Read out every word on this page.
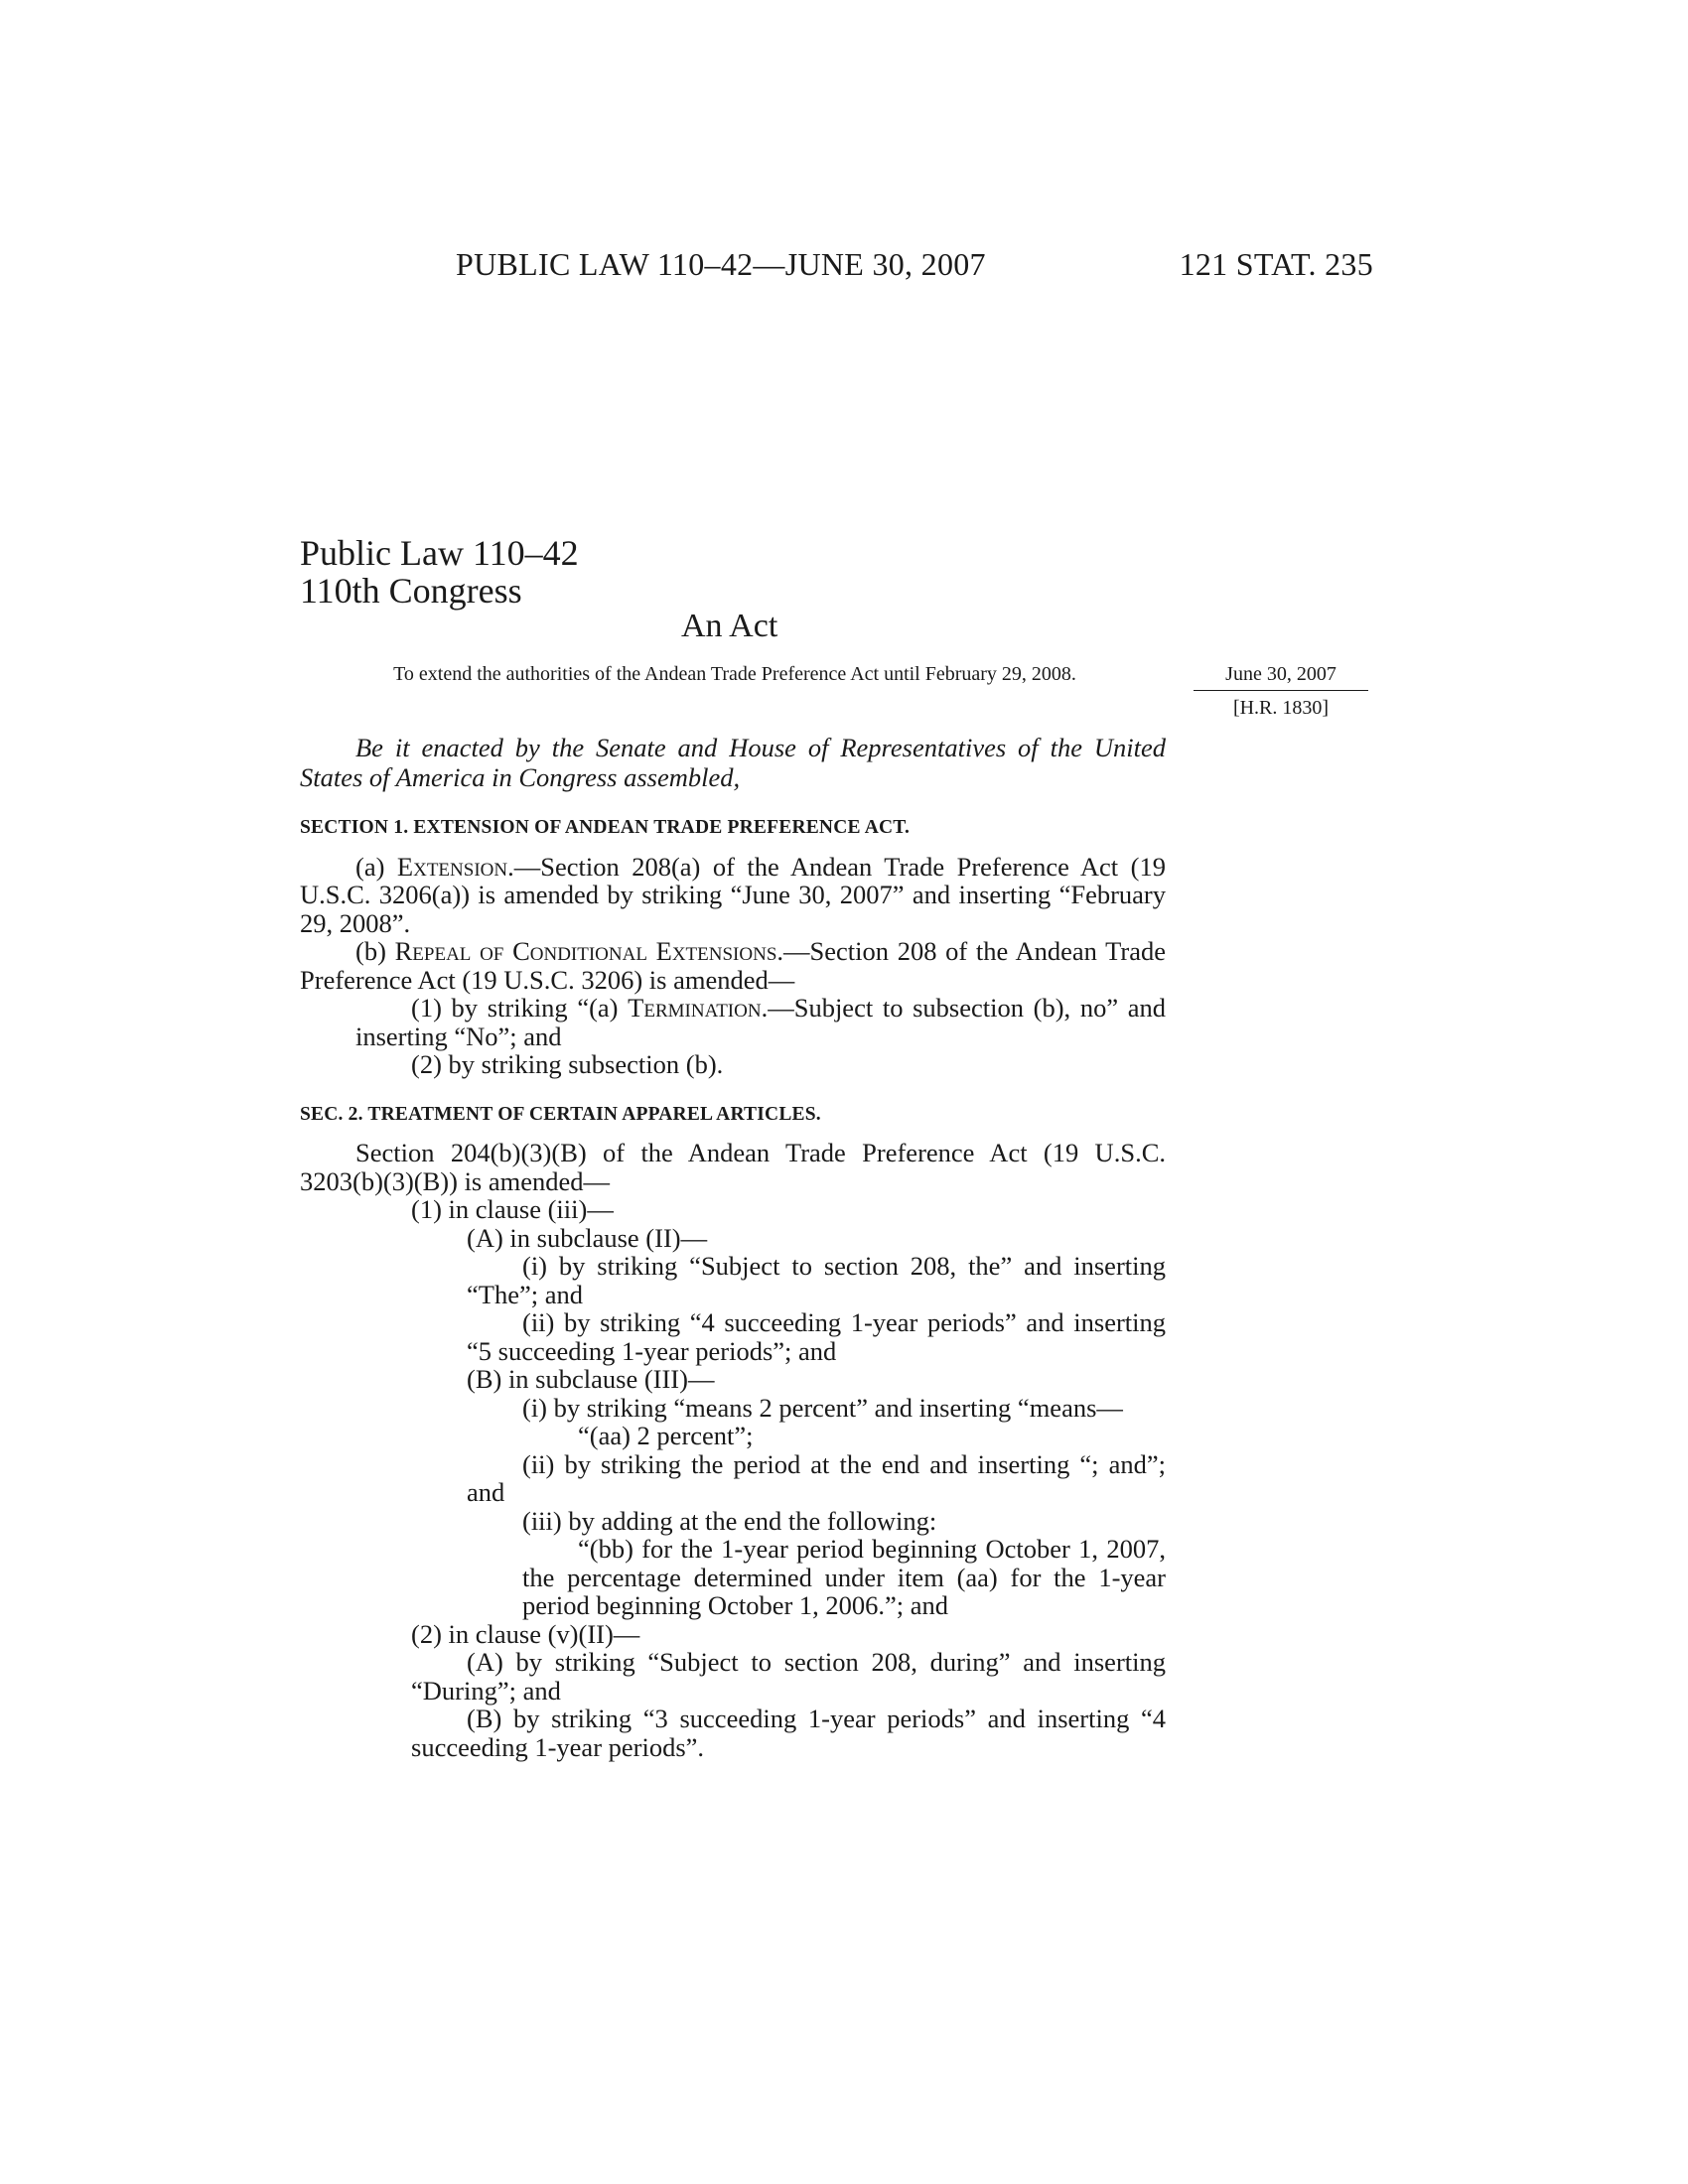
PUBLIC LAW 110–42—JUNE 30, 2007	121 STAT. 235
Public Law 110–42
110th Congress
An Act
To extend the authorities of the Andean Trade Preference Act until February 29, 2008.	June 30, 2007
[H.R. 1830]

Be it enacted by the Senate and House of Representatives of the United States of America in Congress assembled,

SECTION 1. EXTENSION OF ANDEAN TRADE PREFERENCE ACT.

(a) Extension.—Section 208(a) of the Andean Trade Preference Act (19 U.S.C. 3206(a)) is amended by striking “June 30, 2007” and inserting “February 29, 2008”.

(b) Repeal of Conditional Extensions.—Section 208 of the Andean Trade Preference Act (19 U.S.C. 3206) is amended—

(1) by striking “(a) Termination.—Subject to subsection (b), no” and inserting “No”; and

(2) by striking subsection (b).

SEC. 2. TREATMENT OF CERTAIN APPAREL ARTICLES.

Section 204(b)(3)(B) of the Andean Trade Preference Act (19 U.S.C. 3203(b)(3)(B)) is amended—

(1) in clause (iii)—

(A) in subclause (II)—

(i) by striking “Subject to section 208, the” and inserting “The”; and

(ii) by striking “4 succeeding 1-year periods” and inserting “5 succeeding 1-year periods”; and

(B) in subclause (III)—

(i) by striking “means 2 percent” and inserting “means—

“(aa) 2 percent”;

(ii) by striking the period at the end and inserting “; and”; and

(iii) by adding at the end the following:

“(bb) for the 1-year period beginning October 1, 2007, the percentage determined under item (aa) for the 1-year period beginning October 1, 2006.”; and

(2) in clause (v)(II)—

(A) by striking “Subject to section 208, during” and inserting “During”; and

(B) by striking “3 succeeding 1-year periods” and inserting “4 succeeding 1-year periods”.
